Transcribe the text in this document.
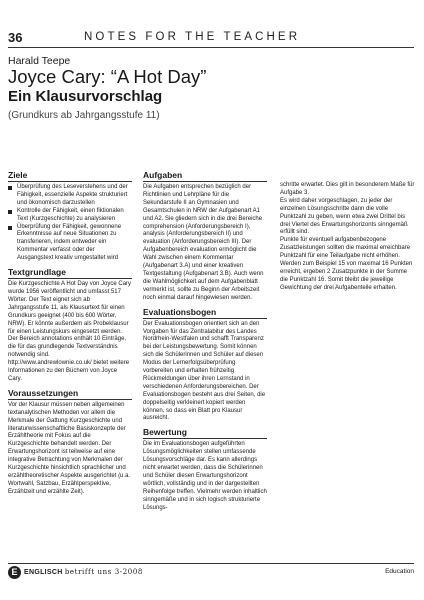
36	NOTES FOR THE TEACHER
Harald Teepe
Joyce Cary: “A Hot Day”
Ein Klausurvorschlag
(Grundkurs ab Jahrgangsstufe 11)
Ziele
Überprüfung des Leseverstehens und der Fähigkeit, essenzielle Aspekte strukturiert und ökonomisch darzustellen
Kontrolle der Fähigkeit, einen fiktionalen Text (Kurzgeschichte) zu analysieren
Überprüfung der Fähigkeit, gewonnene Erkenntnisse auf neue Situationen zu transferieren, indem entweder ein Kommentar verfasst oder der Ausgangstext kreativ umgestaltet wird
Textgrundlage

Die Kurzgeschichte A Hot Day von Joyce Cary wurde 1956 veröffentlicht und umfasst 517 Wörter. Der Text eignet sich ab Jahrgangsstufe 11, als Klausurtext für einen Grundkurs geeignet (400 bis 600 Wörter, NRW). Er könnte außerdem als Probeklausur für einen Leistungskurs eingesetzt werden. Der Bereich annotations enthält 10 Einträge, die für das grundlegende Textverständnis notwendig sind.

http://www.andrewlownie.co.uk/ bietet weitere Informationen zu den Büchern von Joyce Cary.

Voraussetzungen

Vor der Klausur müssen neben allgemeinen textanalytischen Methoden vor allem die Merkmale der Gattung Kurzgeschichte und literaturwissenschaftliche Basiskonzepte der Erzähltheorie mit Fokus auf die Kurzgeschichte behandelt werden. Der Erwartungshorizont ist teilweise auf eine integrative Betrachtung von Merkmalen der Kurzgeschichte hinsichtlich sprachlicher und erzähltheoretischer Aspekte ausgerichtet (u.a. Wortwahl, Satzbau, Erzählperspektive, Erzählzeit und erzählte Zeit).

Aufgaben

Die Aufgaben entsprechen bezüglich der Richtlinien und Lehrpläne für die Sekundarstufe II an Gymnasien und Gesamtschulen in NRW der Aufgabenart A1 und A2. Sie gliedern sich in die drei Bereiche comprehension (Anforderungsbereich I), analysis (Anforderungsbereich II) und evaluation (Anforderungsbereich III). Der Aufgabenbereich evaluation ermöglicht die Wahl zwischen einem Kommentar (Aufgabenart 3.A) und einer kreativen Textgestaltung (Aufgabenart 3.B). Auch wenn die Wahlmöglichkeit auf dem Aufgabenblatt vermerkt ist, sollte zu Beginn der Arbeitszeit noch einmal darauf hingewiesen werden.

Evaluationsbogen

Der Evaluationsbogen orientiert sich an den Vorgaben für das Zentralabitur des Landes Nordrhein-Westfalen und schafft Transparenz bei der Leistungsbewertung. Somit können sich die Schülerinnen und Schüler auf diesen Modus der Lernerfolgsüberprüfung vorbereiten und erhalten frühzeitig Rückmeldungen über ihren Lernstand in verschiedenen Anforderungsbereichen. Der Evaluationsbogen besteht aus drei Seiten, die doppelseitig verkleinert kopiert werden können, so dass ein Blatt pro Klausur ausreicht.

Bewertung

Die im Evaluationsbogen aufgeführten Lösungsmöglichkeiten stellen umfassende Lösungsvorschläge dar. Es kann allerdings nicht erwartet werden, dass die Schülerinnen und Schüler diesen Erwartungshorizont wörtlich, vollständig und in der dargestellten Reihenfolge treffen. Vielmehr werden inhaltlich sinngemäße und in sich logisch strukturierte Lösungs-

schritte erwartet. Dies gilt in besonderem Maße für Aufgabe 3.

Es wird daher vorgeschlagen, zu jeder der einzelnen Lösungsschritte dann die volle Punktzahl zu geben, wenn etwa zwei Drittel bis drei Viertel des Erwartungshorizonts sinngemäß erfüllt sind.

Punkte für eventuell aufgabenbezogene Zusatzleistungen sollten die maximal erreichbare Punktzahl für eine Teilaufgabe nicht erhöhen. Werden zum Beispiel 15 von maximal 16 Punkten erreicht, ergeben 2 Zusatzpunkte in der Summe die Punktzahl 16. Somit bleibt die jeweilige Gewichtung der drei Aufgabenteile erhalten.

E ENGLISCH betrifft uns 3-2008	Education
